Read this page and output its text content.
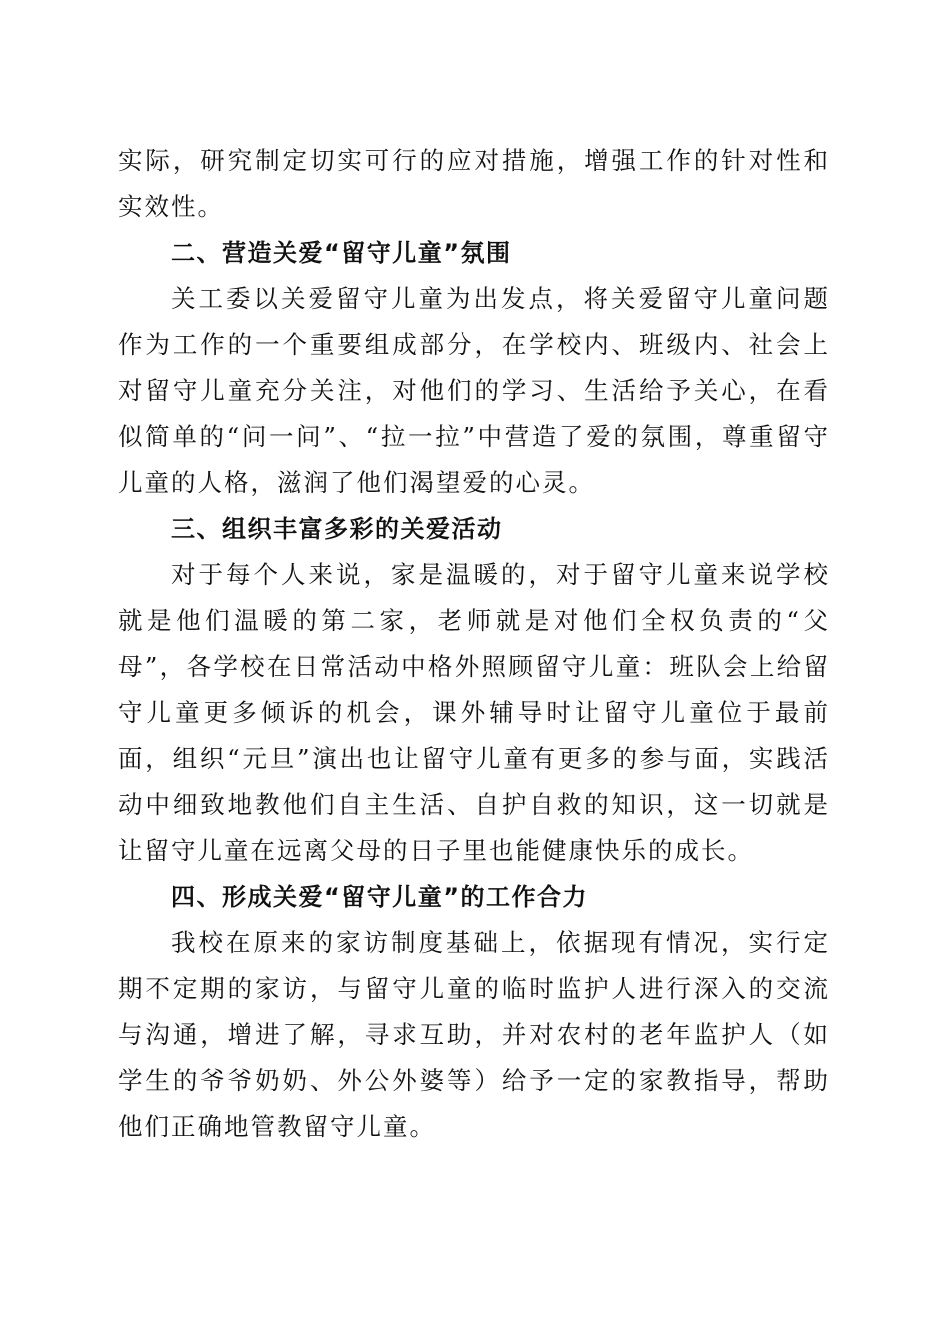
实际，研究制定切实可行的应对措施，增强工作的针对性和实效性。

二、营造关爱“留守儿童”氛围

关工委以关爱留守儿童为出发点，将关爱留守儿童问题作为工作的一个重要组成部分，在学校内、班级内、社会上对留守儿童充分关注，对他们的学习、生活给予关心，在看似简单的“问一问”、“拉一拉”中营造了爱的氛围，尊重留守儿童的人格，滋润了他们渴望爱的心灵。

三、组织丰富多彩的关爱活动

对于每个人来说，家是温暖的，对于留守儿童来说学校就是他们温暖的第二家，老师就是对他们全权负责的“父母”，各学校在日常活动中格外照顾留守儿童：班队会上给留守儿童更多倾诉的机会，课外辅导时让留守儿童位于最前面，组织“元旦”演出也让留守儿童有更多的参与面，实践活动中细致地教他们自主生活、自护自救的知识，这一切就是让留守儿童在远离父母的日子里也能健康快乐的成长。

四、形成关爱“留守儿童”的工作合力

我校在原来的家访制度基础上，依据现有情况，实行定期不定期的家访，与留守儿童的临时监护人进行深入的交流与沟通，增进了解，寻求互助，并对农村的老年监护人（如学生的爷爷奶奶、外公外婆等）给予一定的家教指导，帮助他们正确地管教留守儿童。
